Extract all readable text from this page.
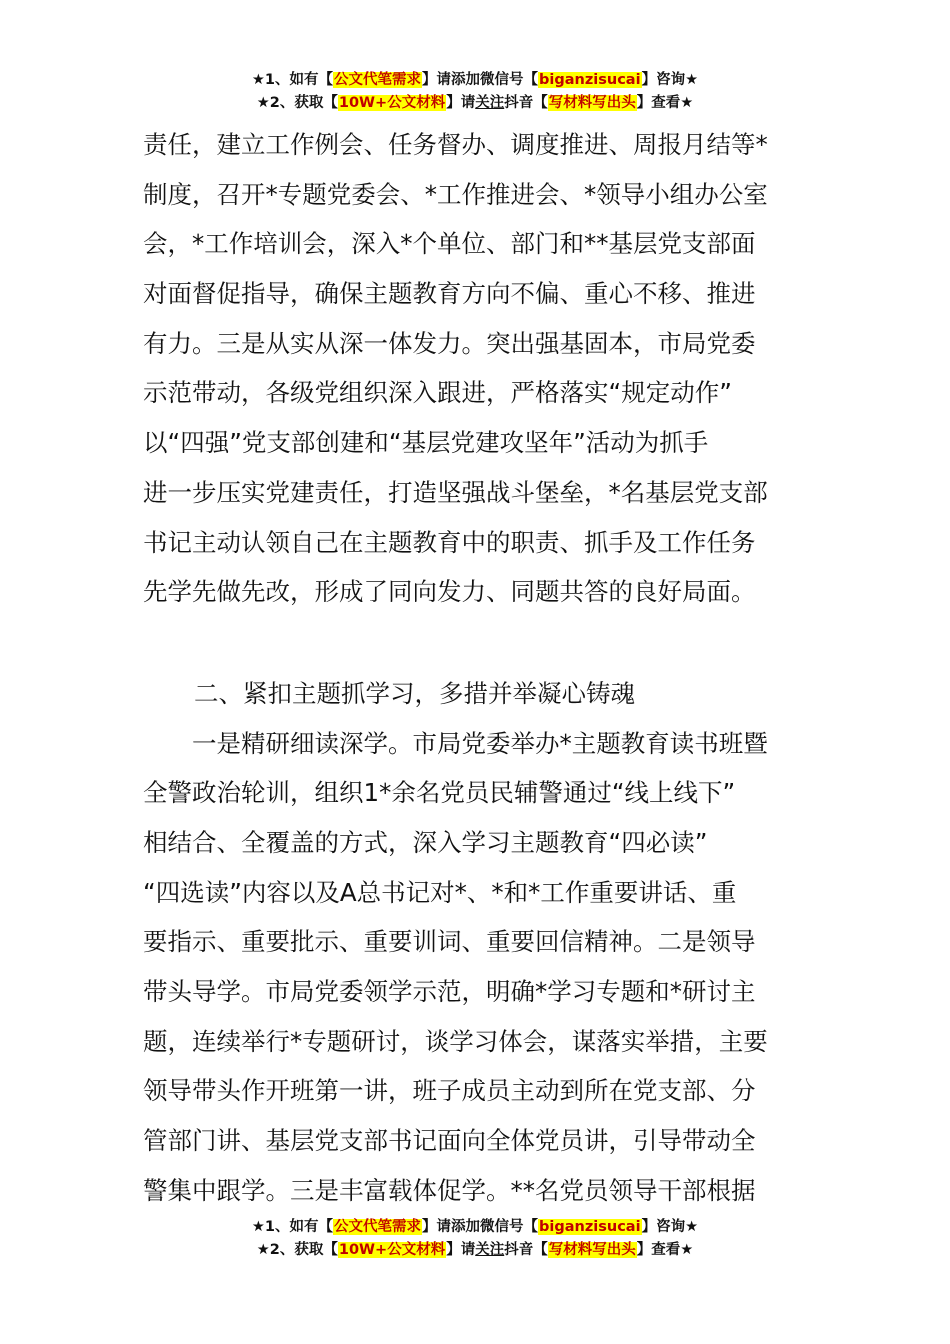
★1、如有【公文代笔需求】请添加微信号【biganzisucai】咨询★
★2、获取【10W+公文材料】请关注抖音【写材料写出头】查看★
责任，建立工作例会、任务督办、调度推进、周报月结等*
制度，召开*专题党委会、*工作推进会、*领导小组办公室
会，*工作培训会，深入*个单位、部门和**基层党支部面
对面督促指导，确保主题教育方向不偏、重心不移、推进
有力。三是从实从深一体发力。突出强基固本，市局党委
示范带动，各级党组织深入跟进，严格落实“规定动作”
以“四强”党支部创建和“基层党建攻坚年”活动为抓手
进一步压实党建责任，打造坚强战斗堡垒，*名基层党支部
书记主动认领自己在主题教育中的职责、抓手及工作任务
先学先做先改，形成了同向发力、同题共答的良好局面。
二、紧扣主题抓学习，多措并举凝心铸魂
　　一是精研细读深学。市局党委举办*主题教育读书班暨
全警政治轮训，组织1*余名党员民辅警通过“线上线下”
相结合、全覆盖的方式，深入学习主题教育“四必读”
“四选读”内容以及A总书记对*、*和*工作重要讲话、重
要指示、重要批示、重要训词、重要回信精神。二是领导
带头导学。市局党委领学示范，明确*学习专题和*研讨主
题，连续举行*专题研讨，谈学习体会，谋落实举措，主要
领导带头作开班第一讲，班子成员主动到所在党支部、分
管部门讲、基层党支部书记面向全体党员讲，引导带动全
警集中跟学。三是丰富载体促学。**名党员领导干部根据
★1、如有【公文代笔需求】请添加微信号【biganzisucai】咨询★
★2、获取【10W+公文材料】请关注抖音【写材料写出头】查看★
